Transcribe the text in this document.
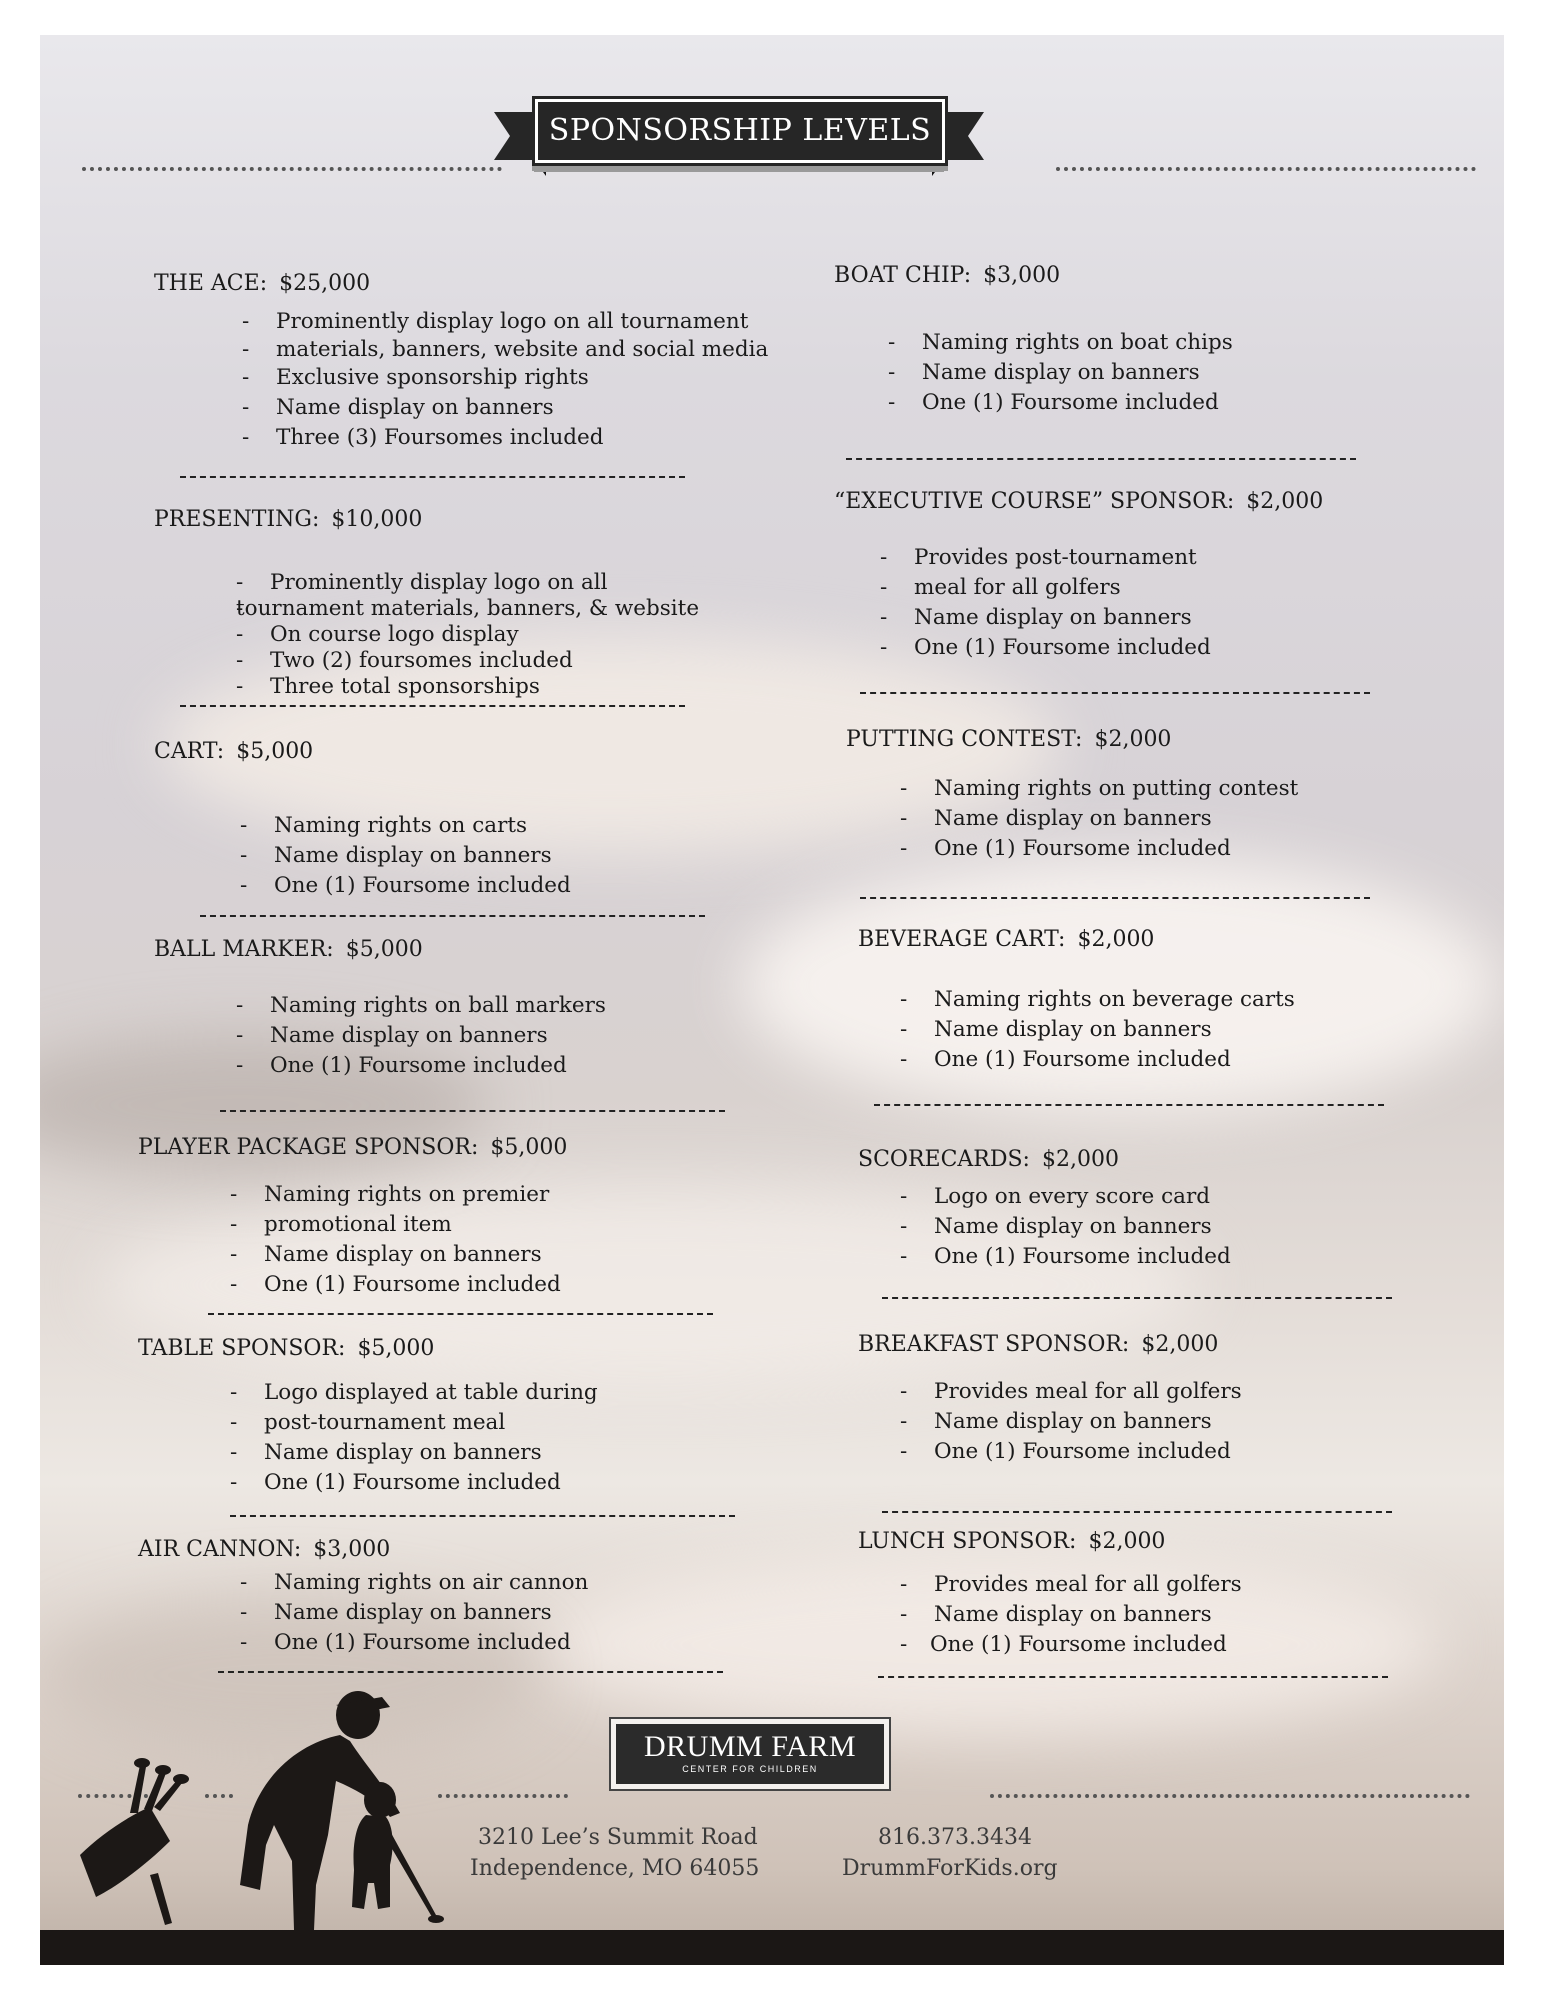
SPONSORSHIP LEVELS
THE ACE: $25,000
- Prominently display logo on all tournament
- materials, banners, website and social media
- Exclusive sponsorship rights
- Name display on banners
- Three (3) Foursomes included
PRESENTING: $10,000
- Prominently display logo on all
- tournament materials, banners, & website
- On course logo display
- Two (2) foursomes included
- Three total sponsorships
CART: $5,000
- Naming rights on carts
- Name display on banners
- One (1) Foursome included
BALL MARKER: $5,000
- Naming rights on ball markers
- Name display on banners
- One (1) Foursome included
PLAYER PACKAGE SPONSOR: $5,000
- Naming rights on premier
- promotional item
- Name display on banners
- One (1) Foursome included
TABLE SPONSOR: $5,000
- Logo displayed at table during
- post-tournament meal
- Name display on banners
- One (1) Foursome included
AIR CANNON: $3,000
- Naming rights on air cannon
- Name display on banners
- One (1) Foursome included
BOAT CHIP: $3,000
- Naming rights on boat chips
- Name display on banners
- One (1) Foursome included
“EXECUTIVE COURSE” SPONSOR: $2,000
- Provides post-tournament
- meal for all golfers
- Name display on banners
- One (1) Foursome included
PUTTING CONTEST: $2,000
- Naming rights on putting contest
- Name display on banners
- One (1) Foursome included
BEVERAGE CART: $2,000
- Naming rights on beverage carts
- Name display on banners
- One (1) Foursome included
SCORECARDS: $2,000
- Logo on every score card
- Name display on banners
- One (1) Foursome included
BREAKFAST SPONSOR: $2,000
- Provides meal for all golfers
- Name display on banners
- One (1) Foursome included
LUNCH SPONSOR: $2,000
- Provides meal for all golfers
- Name display on banners
- One (1) Foursome included
DRUMM FARM
CENTER FOR CHILDREN
3210 Lee’s Summit Road
Independence, MO 64055
816.373.3434
DrummForKids.org
